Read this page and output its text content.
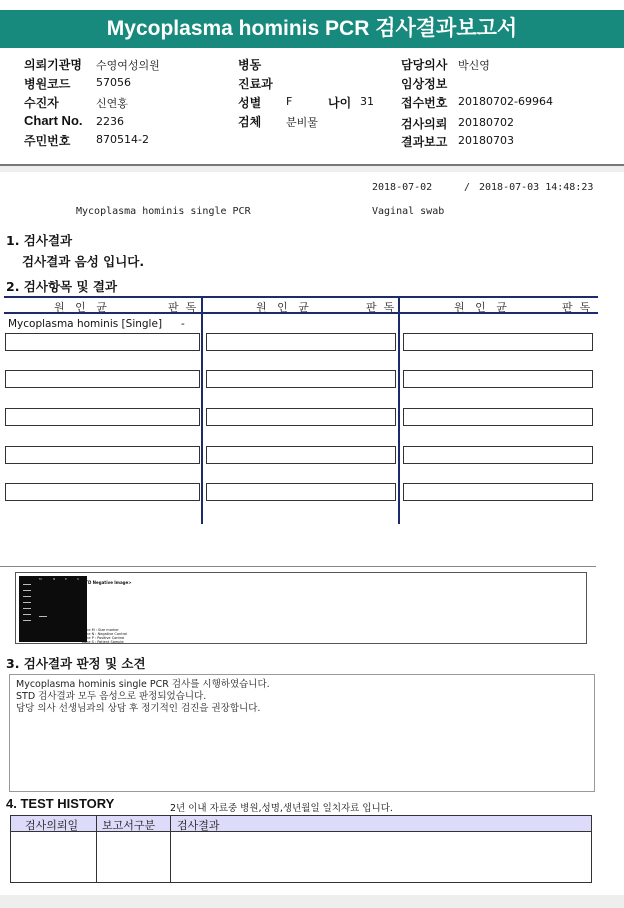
Mycoplasma hominis PCR 검사결과보고서
의뢰기관명 수영여성의원
병원코드 57056
수진자	신연홍
Chart No. 2236
주민번호 870514-2
병동
진료과
성별 F	나이 31
검체 분비물
담당의사 박신영
임상정보
접수번호 20180702-69964
검사의뢰 20180702
결과보고 20180703
2018-07-02	/ 2018-07-03 14:48:23
Mycoplasma hominis single PCR	Vaginal swab
1. 검사결과
검사결과 음성 입니다.
2. 검사항목 및 결과
원   인   균	판  독	원   인   균	판  독	원   인   균	판  독
Mycoplasma hominis [Single] -
M	N	P	S
<STD Negative Image>
Lane M : Size marker
Lane N : Negative Control
Lane P : Positive Control
Lane S : Patient Sample
3. 검사결과 판정 및 소견
Mycoplasma hominis single PCR 검사를 시행하였습니다.
STD 검사결과 모두 음성으로 판정되었습니다.
담당 의사 선생님과의 상담 후 정기적인 검진을 권장합니다.
4. TEST HISTORY	2년 이내 자료중 병원,성명,생년월일 일치자료 입니다.
검사의뢰일 보고서구분 검사결과
